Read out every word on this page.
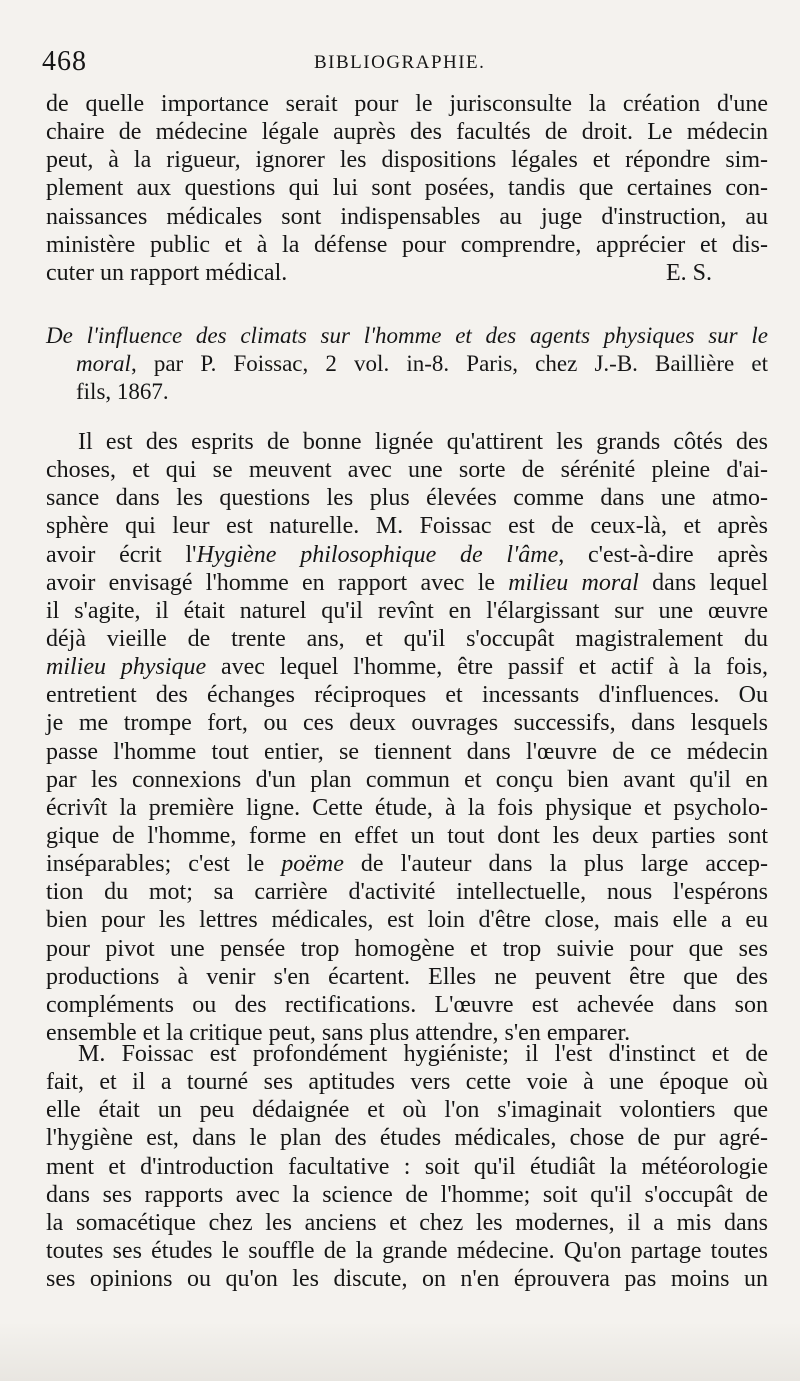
468	BIBLIOGRAPHIE.
de quelle importance serait pour le jurisconsulte la création d'une
chaire de médecine légale auprès des facultés de droit. Le médecin
peut, à la rigueur, ignorer les dispositions légales et répondre sim-
plement aux questions qui lui sont posées, tandis que certaines con-
naissances médicales sont indispensables au juge d'instruction, au
ministère public et à la défense pour comprendre, apprécier et dis-
cuter un rapport médical.	E. S.
De l'influence des climats sur l'homme et des agents physiques sur le
moral, par P. Foissac, 2 vol. in-8. Paris, chez J.-B. Baillière et
fils, 1867.
Il est des esprits de bonne lignée qu'attirent les grands côtés des
choses, et qui se meuvent avec une sorte de sérénité pleine d'ai-
sance dans les questions les plus élevées comme dans une atmo-
sphère qui leur est naturelle. M. Foissac est de ceux-là, et après
avoir écrit l'Hygiène philosophique de l'âme, c'est-à-dire après
avoir envisagé l'homme en rapport avec le milieu moral dans lequel
il s'agite, il était naturel qu'il revînt en l'élargissant sur une œuvre
déjà vieille de trente ans, et qu'il s'occupât magistralement du
milieu physique avec lequel l'homme, être passif et actif à la fois,
entretient des échanges réciproques et incessants d'influences. Ou
je me trompe fort, ou ces deux ouvrages successifs, dans lesquels
passe l'homme tout entier, se tiennent dans l'œuvre de ce médecin
par les connexions d'un plan commun et conçu bien avant qu'il en
écrivît la première ligne. Cette étude, à la fois physique et psycholo-
gique de l'homme, forme en effet un tout dont les deux parties sont
inséparables; c'est le poëme de l'auteur dans la plus large accep-
tion du mot; sa carrière d'activité intellectuelle, nous l'espérons
bien pour les lettres médicales, est loin d'être close, mais elle a eu
pour pivot une pensée trop homogène et trop suivie pour que ses
productions à venir s'en écartent. Elles ne peuvent être que des
compléments ou des rectifications. L'œuvre est achevée dans son
ensemble et la critique peut, sans plus attendre, s'en emparer.
M. Foissac est profondément hygiéniste; il l'est d'instinct et de
fait, et il a tourné ses aptitudes vers cette voie à une époque où
elle était un peu dédaignée et où l'on s'imaginait volontiers que
l'hygiène est, dans le plan des études médicales, chose de pur agré-
ment et d'introduction facultative : soit qu'il étudiât la météorologie
dans ses rapports avec la science de l'homme; soit qu'il s'occupât de
la somacétique chez les anciens et chez les modernes, il a mis dans
toutes ses études le souffle de la grande médecine. Qu'on partage toutes
ses opinions ou qu'on les discute, on n'en éprouvera pas moins un
